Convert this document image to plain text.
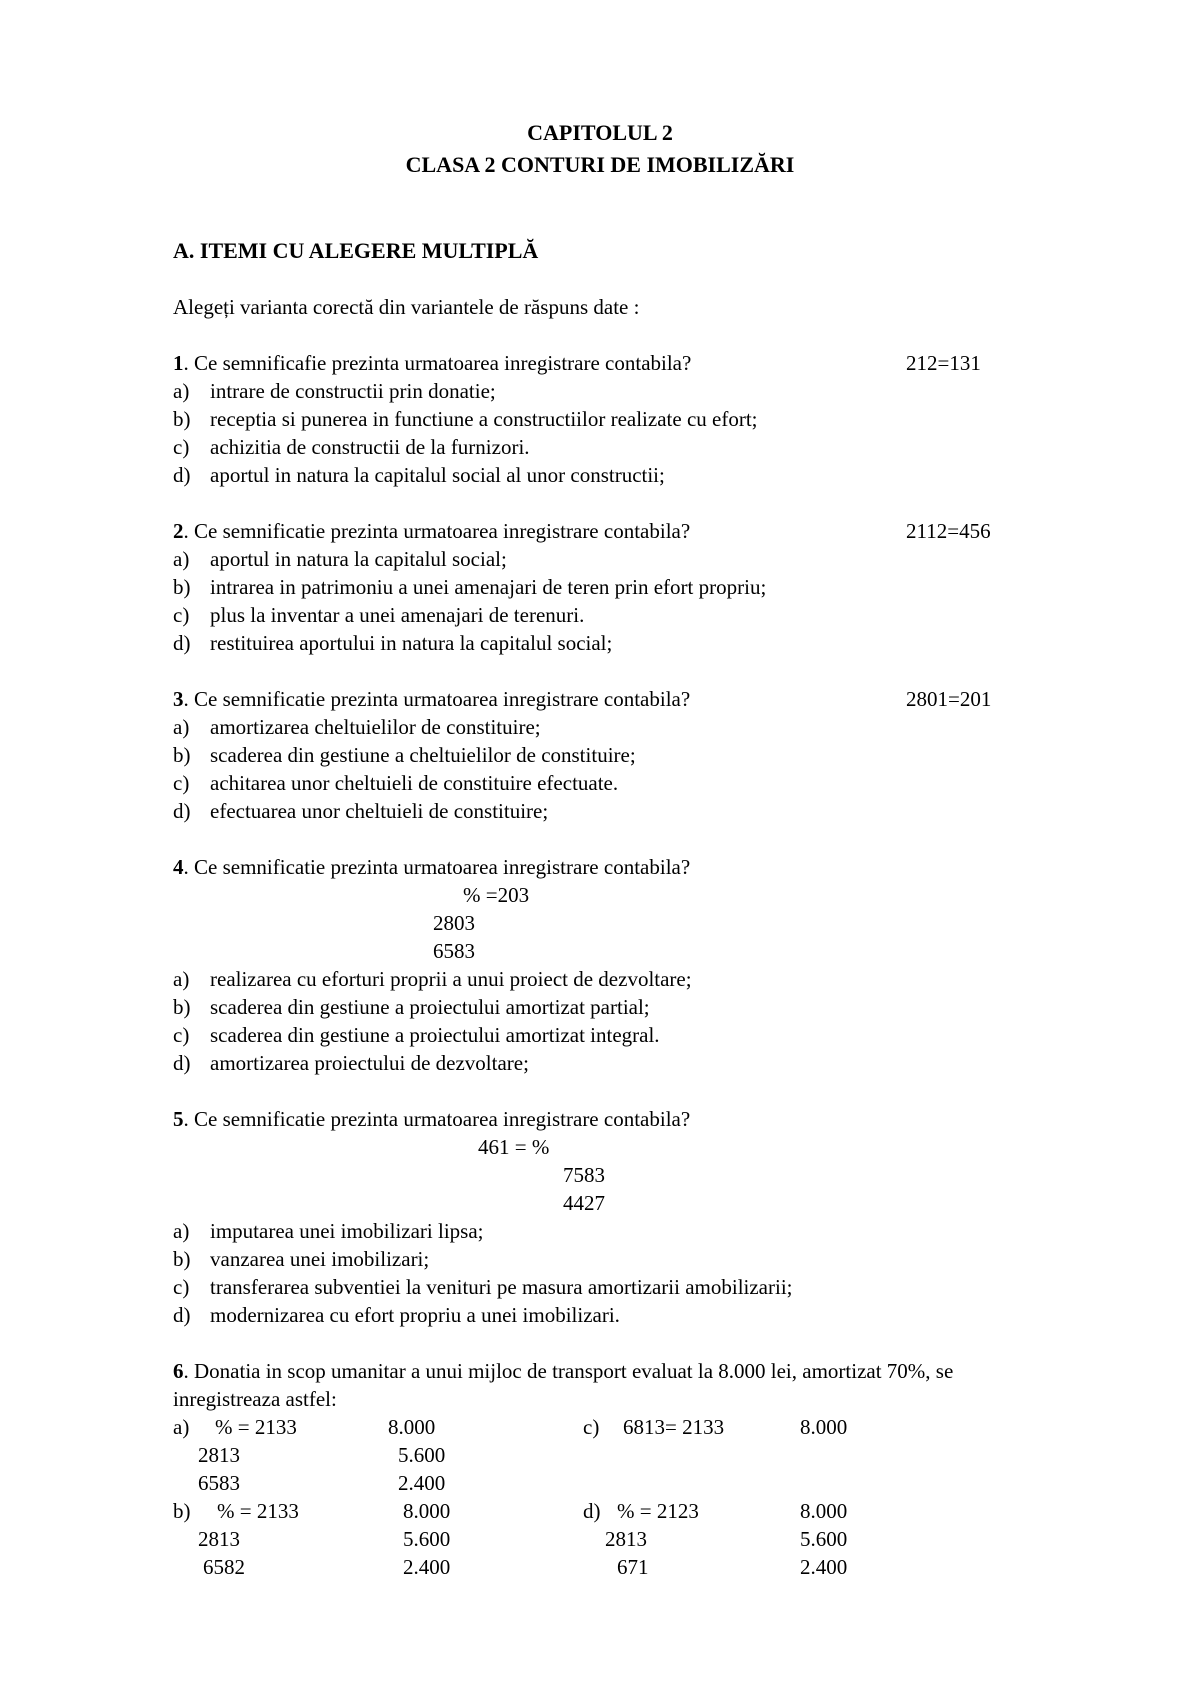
CAPITOLUL 2
CLASA 2 CONTURI DE IMOBILIZĂRI
A. ITEMI CU ALEGERE MULTIPLĂ
Alegeți varianta corectă din variantele de răspuns date :
1. Ce semnificafie prezinta urmatoarea inregistrare contabila?	212=131
a) intrare de constructii prin donatie;
b) receptia si punerea in functiune a constructiilor realizate cu efort;
c) achizitia de constructii de la furnizori.
d) aportul in natura la capitalul social al unor constructii;
2. Ce semnificatie prezinta urmatoarea inregistrare contabila?	2112=456
a) aportul in natura la capitalul social;
b) intrarea in patrimoniu a unei amenajari de teren prin efort propriu;
c) plus la inventar a unei amenajari de terenuri.
d) restituirea aportului in natura la capitalul social;
3. Ce semnificatie prezinta urmatoarea inregistrare contabila?	2801=201
a) amortizarea cheltuielilor de constituire;
b) scaderea din gestiune a cheltuielilor de constituire;
c) achitarea unor cheltuieli de constituire efectuate.
d) efectuarea unor cheltuieli de constituire;
4. Ce semnificatie prezinta urmatoarea inregistrare contabila?
% =203
2803
6583
a) realizarea cu eforturi proprii a unui proiect de dezvoltare;
b) scaderea din gestiune a proiectului amortizat partial;
c) scaderea din gestiune a proiectului amortizat integral.
d) amortizarea proiectului de dezvoltare;
5. Ce semnificatie prezinta urmatoarea inregistrare contabila?
461 = %
7583
4427
a) imputarea unei imobilizari lipsa;
b) vanzarea unei imobilizari;
c) transferarea subventiei la venituri pe masura amortizarii amobilizarii;
d) modernizarea cu efort propriu a unei imobilizari.
6. Donatia in scop umanitar a unui mijloc de transport evaluat la 8.000 lei, amortizat 70%, se
inregistreaza astfel:
a) % = 2133	8.000
2813	5.600
6583	2.400
c) 6813= 2133	8.000
b) % = 2133	8.000
2813	5.600
6582	2.400
d) % = 2123	8.000
2813	5.600
671	2.400
